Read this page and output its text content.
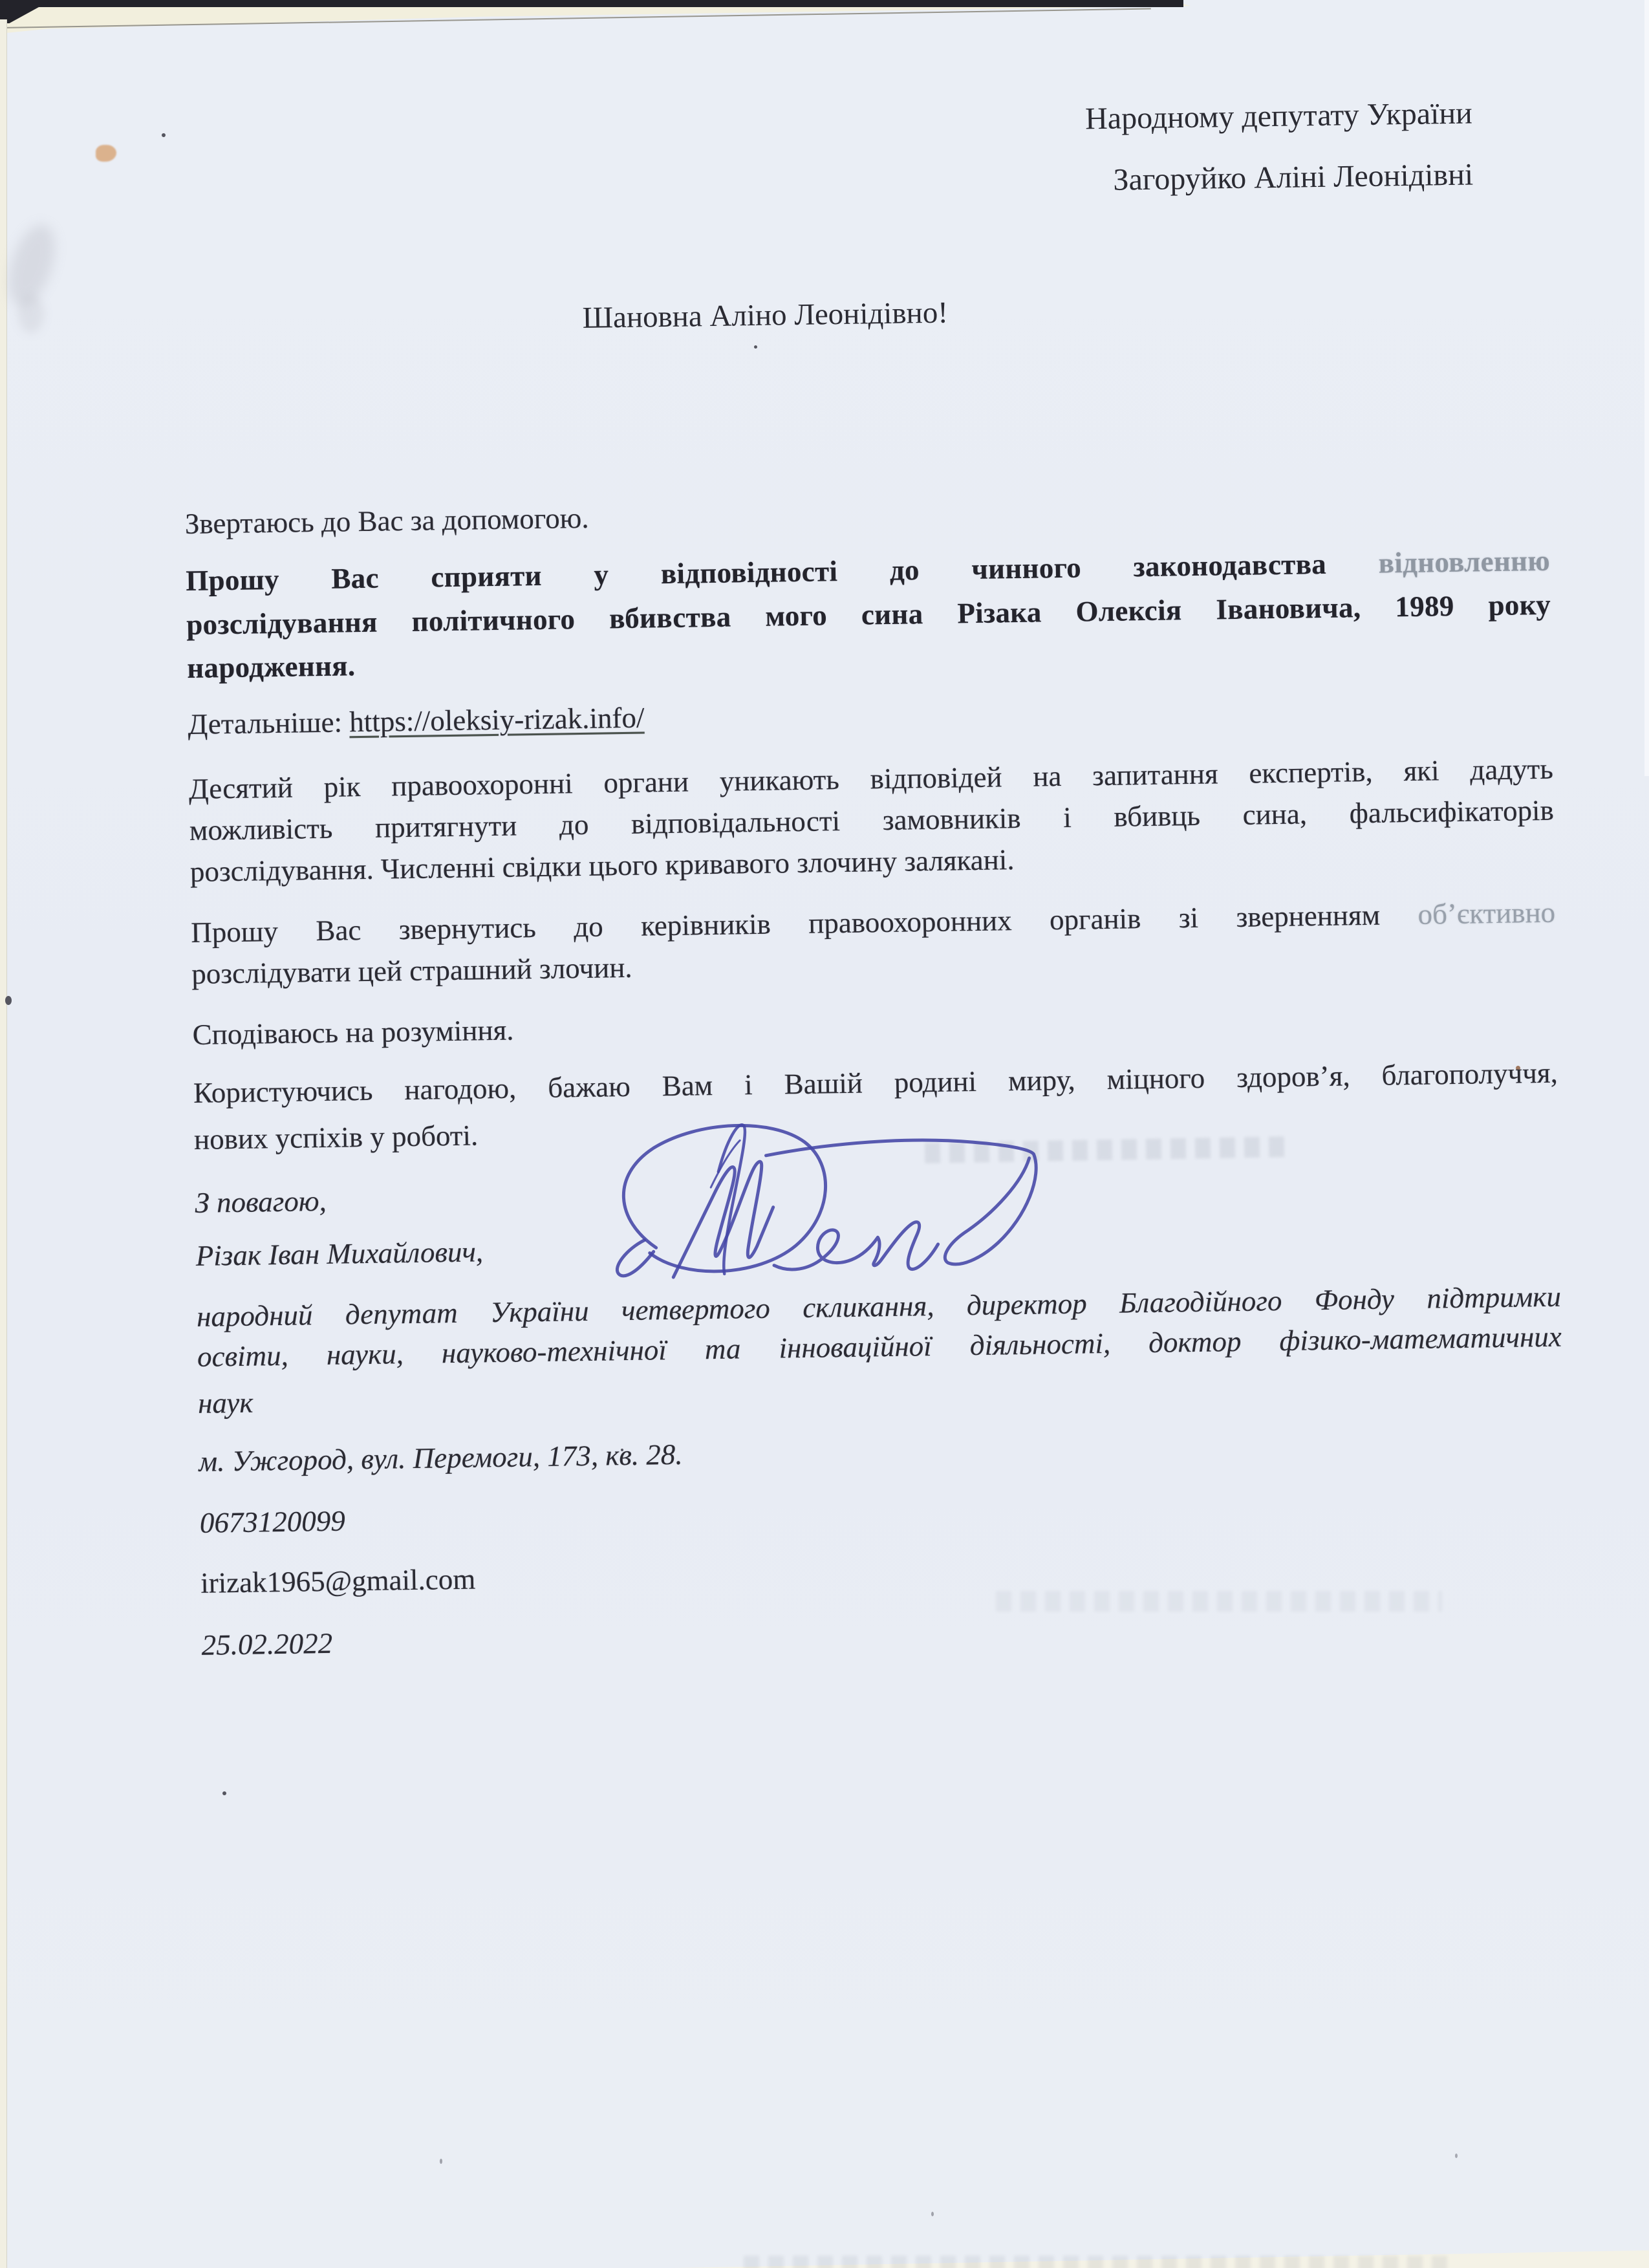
Народному депутату України
Загоруйко Аліні Леонідівні
Шановна Аліно Леонідівно!
Звертаюсь до Вас за допомогою.
Прошу Вас сприяти у відповідності до чинного законодавства відновленню
розслідування політичного вбивства мого сина Різака Олексія Івановича, 1989 року
народження.
Детальніше: https://oleksiy-rizak.info/
Десятий рік правоохоронні органи уникають відповідей на запитання експертів, які дадуть
можливість притягнути до відповідальності замовників і вбивць сина, фальсифікаторів
розслідування. Численні свідки цього кривавого злочину залякані.
Прошу Вас звернутись до керівників правоохоронних органів зі зверненням об’єктивно
розслідувати цей страшний злочин.
Сподіваюсь на розуміння.
Користуючись нагодою, бажаю Вам і Вашій родині миру, міцного здоров’я, благополуччя,
нових успіхів у роботі.
З повагою,
Різак Іван Михайлович,
народний депутат України четвертого скликання, директор Благодійного Фонду підтримки
освіти, науки, науково-технічної та інноваційної діяльності, доктор фізико-математичних
наук
м. Ужгород, вул. Перемоги, 173, кв. 28.
0673120099
irizak1965@gmail.com
25.02.2022
